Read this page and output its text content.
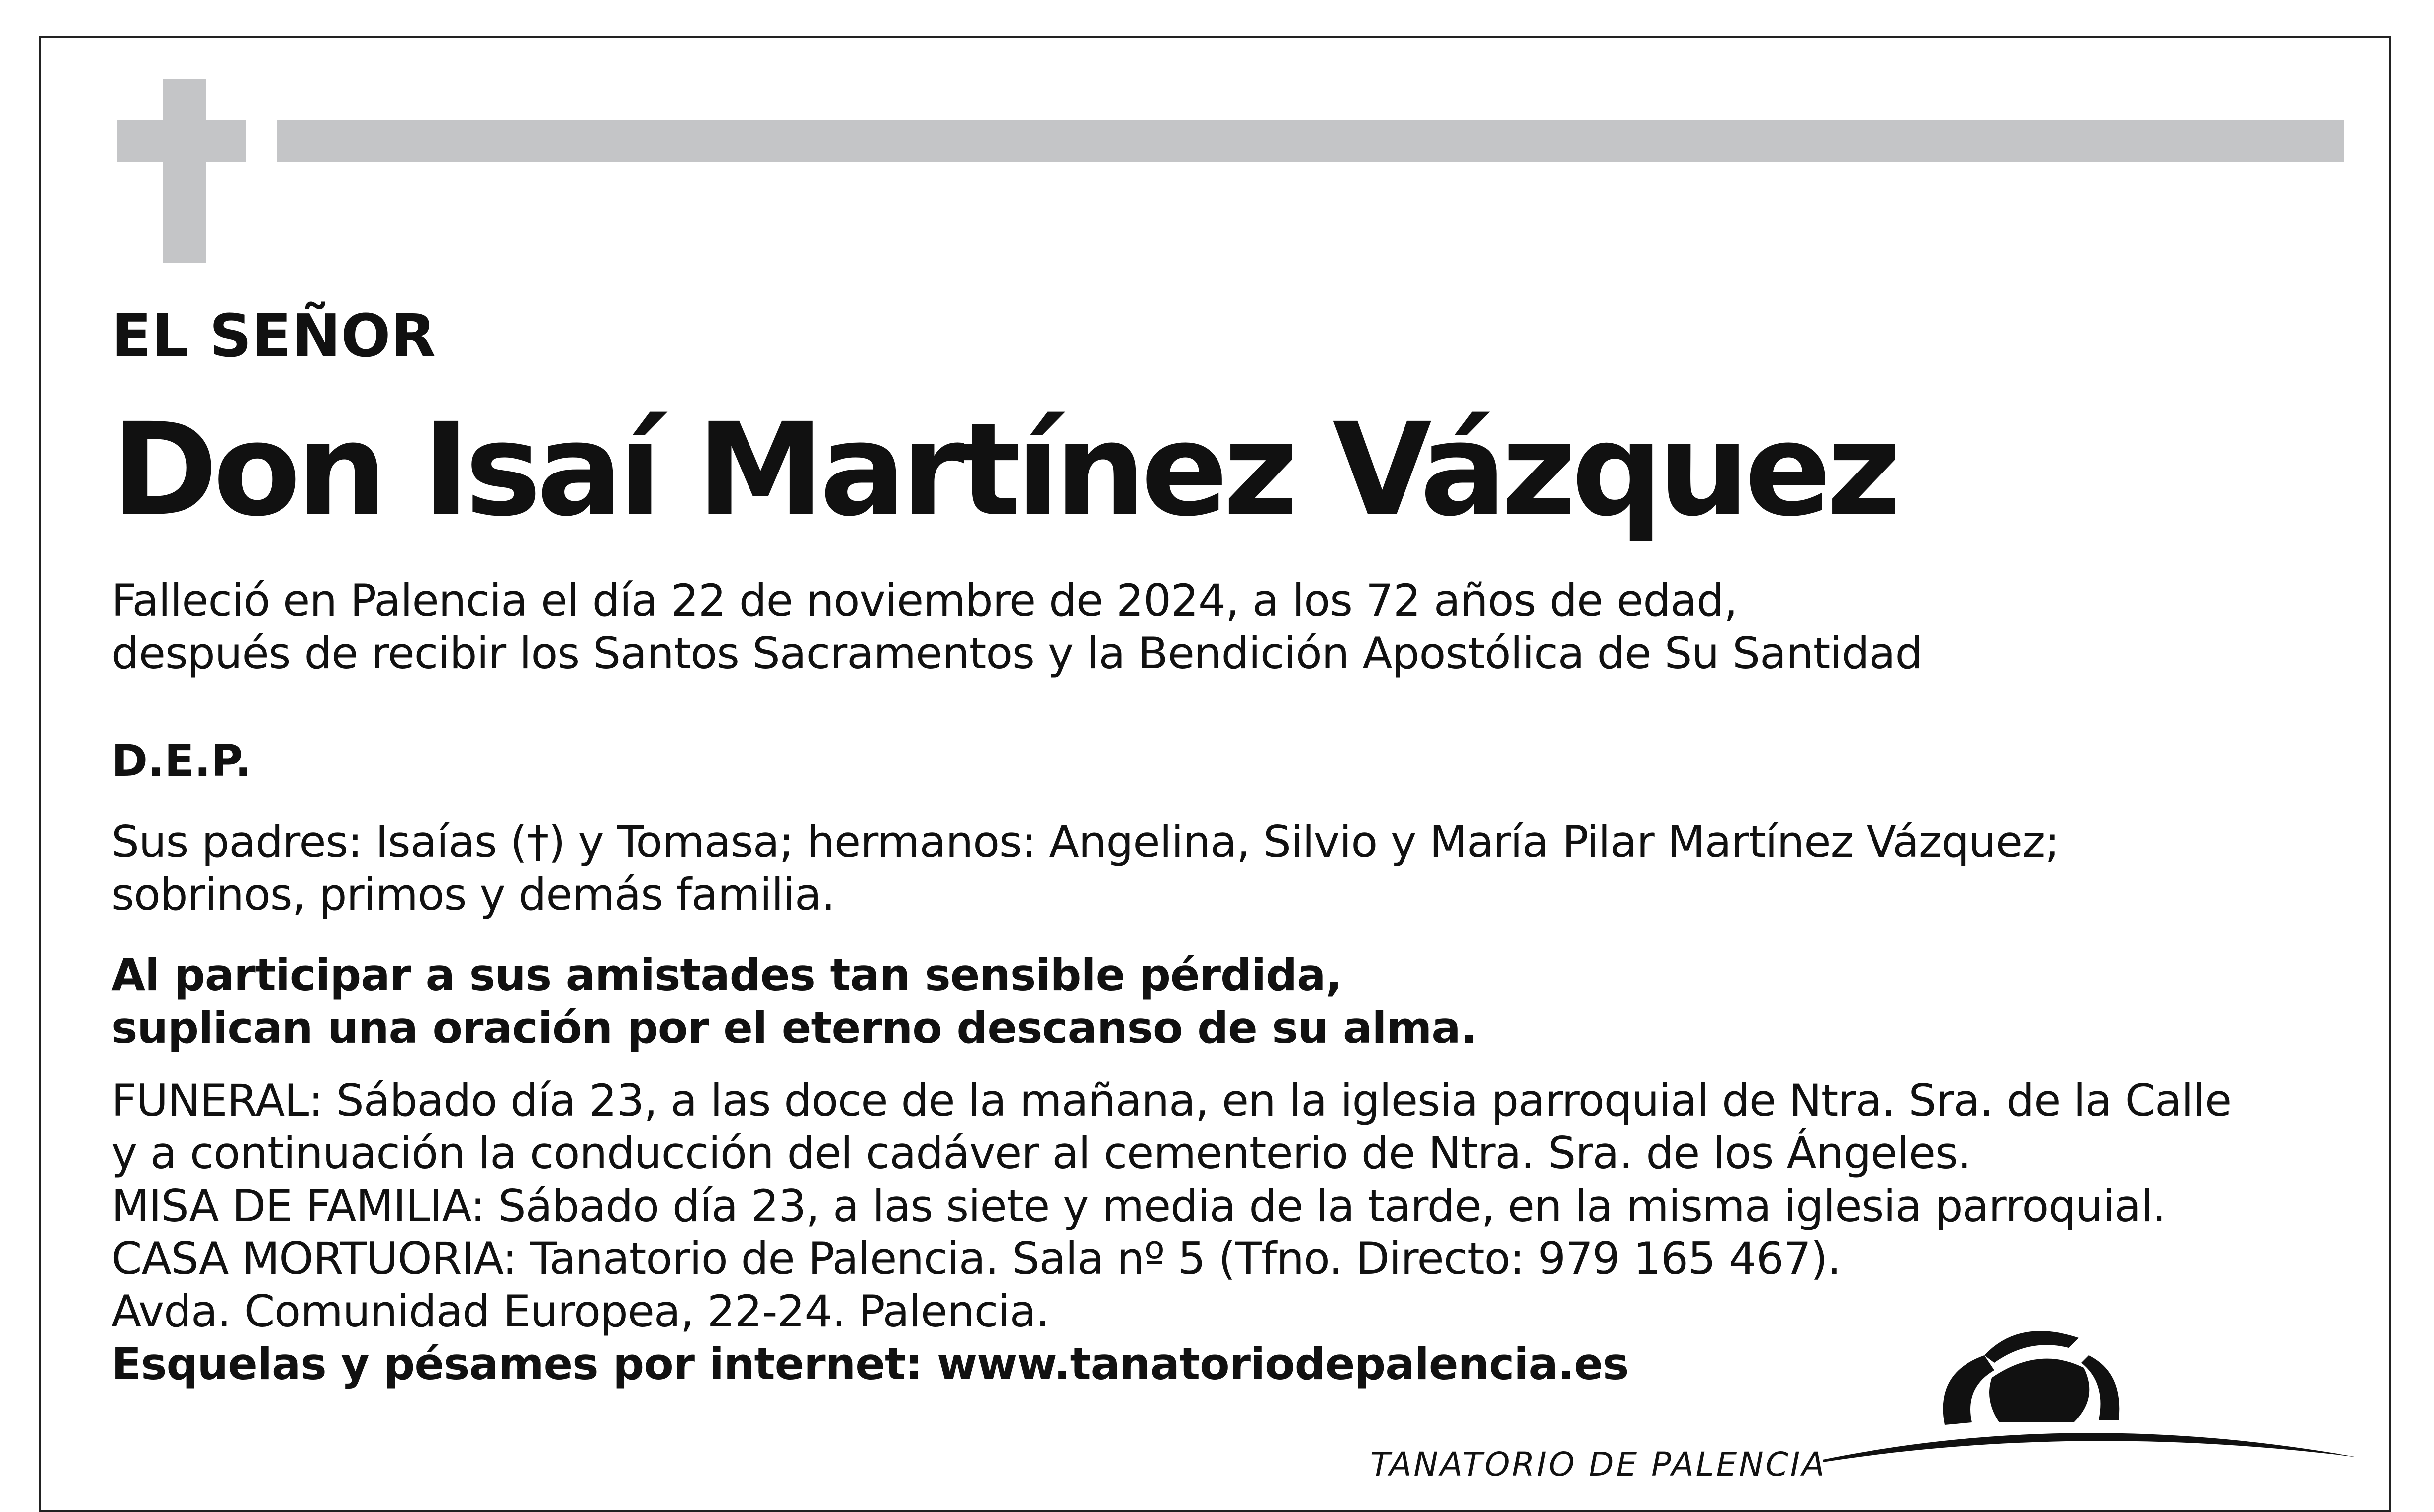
EL SEÑOR

Don Isaí Martínez Vázquez

Falleció en Palencia el día 22 de noviembre de 2024, a los 72 años de edad,
después de recibir los Santos Sacramentos y la Bendición Apostólica de Su Santidad

D.E.P.

Sus padres: Isaías (†) y Tomasa; hermanos: Angelina, Silvio y María Pilar Martínez Vázquez;
sobrinos, primos y demás familia.
Al participar a sus amistades tan sensible pérdida,
suplican una oración por el eterno descanso de su alma.
FUNERAL: Sábado día 23, a las doce de la mañana, en la iglesia parroquial de Ntra. Sra. de la Calle
y a continuación la conducción del cadáver al cementerio de Ntra. Sra. de los Ángeles.
MISA DE FAMILIA: Sábado día 23, a las siete y media de la tarde, en la misma iglesia parroquial.
CASA MORTUORIA: Tanatorio de Palencia. Sala nº 5 (Tfno. Directo: 979 165 467).
Avda. Comunidad Europea, 22-24. Palencia.
Esquelas y pésames por internet: www.tanatoriodepalencia.es
TANATORIO DE PALENCIA
